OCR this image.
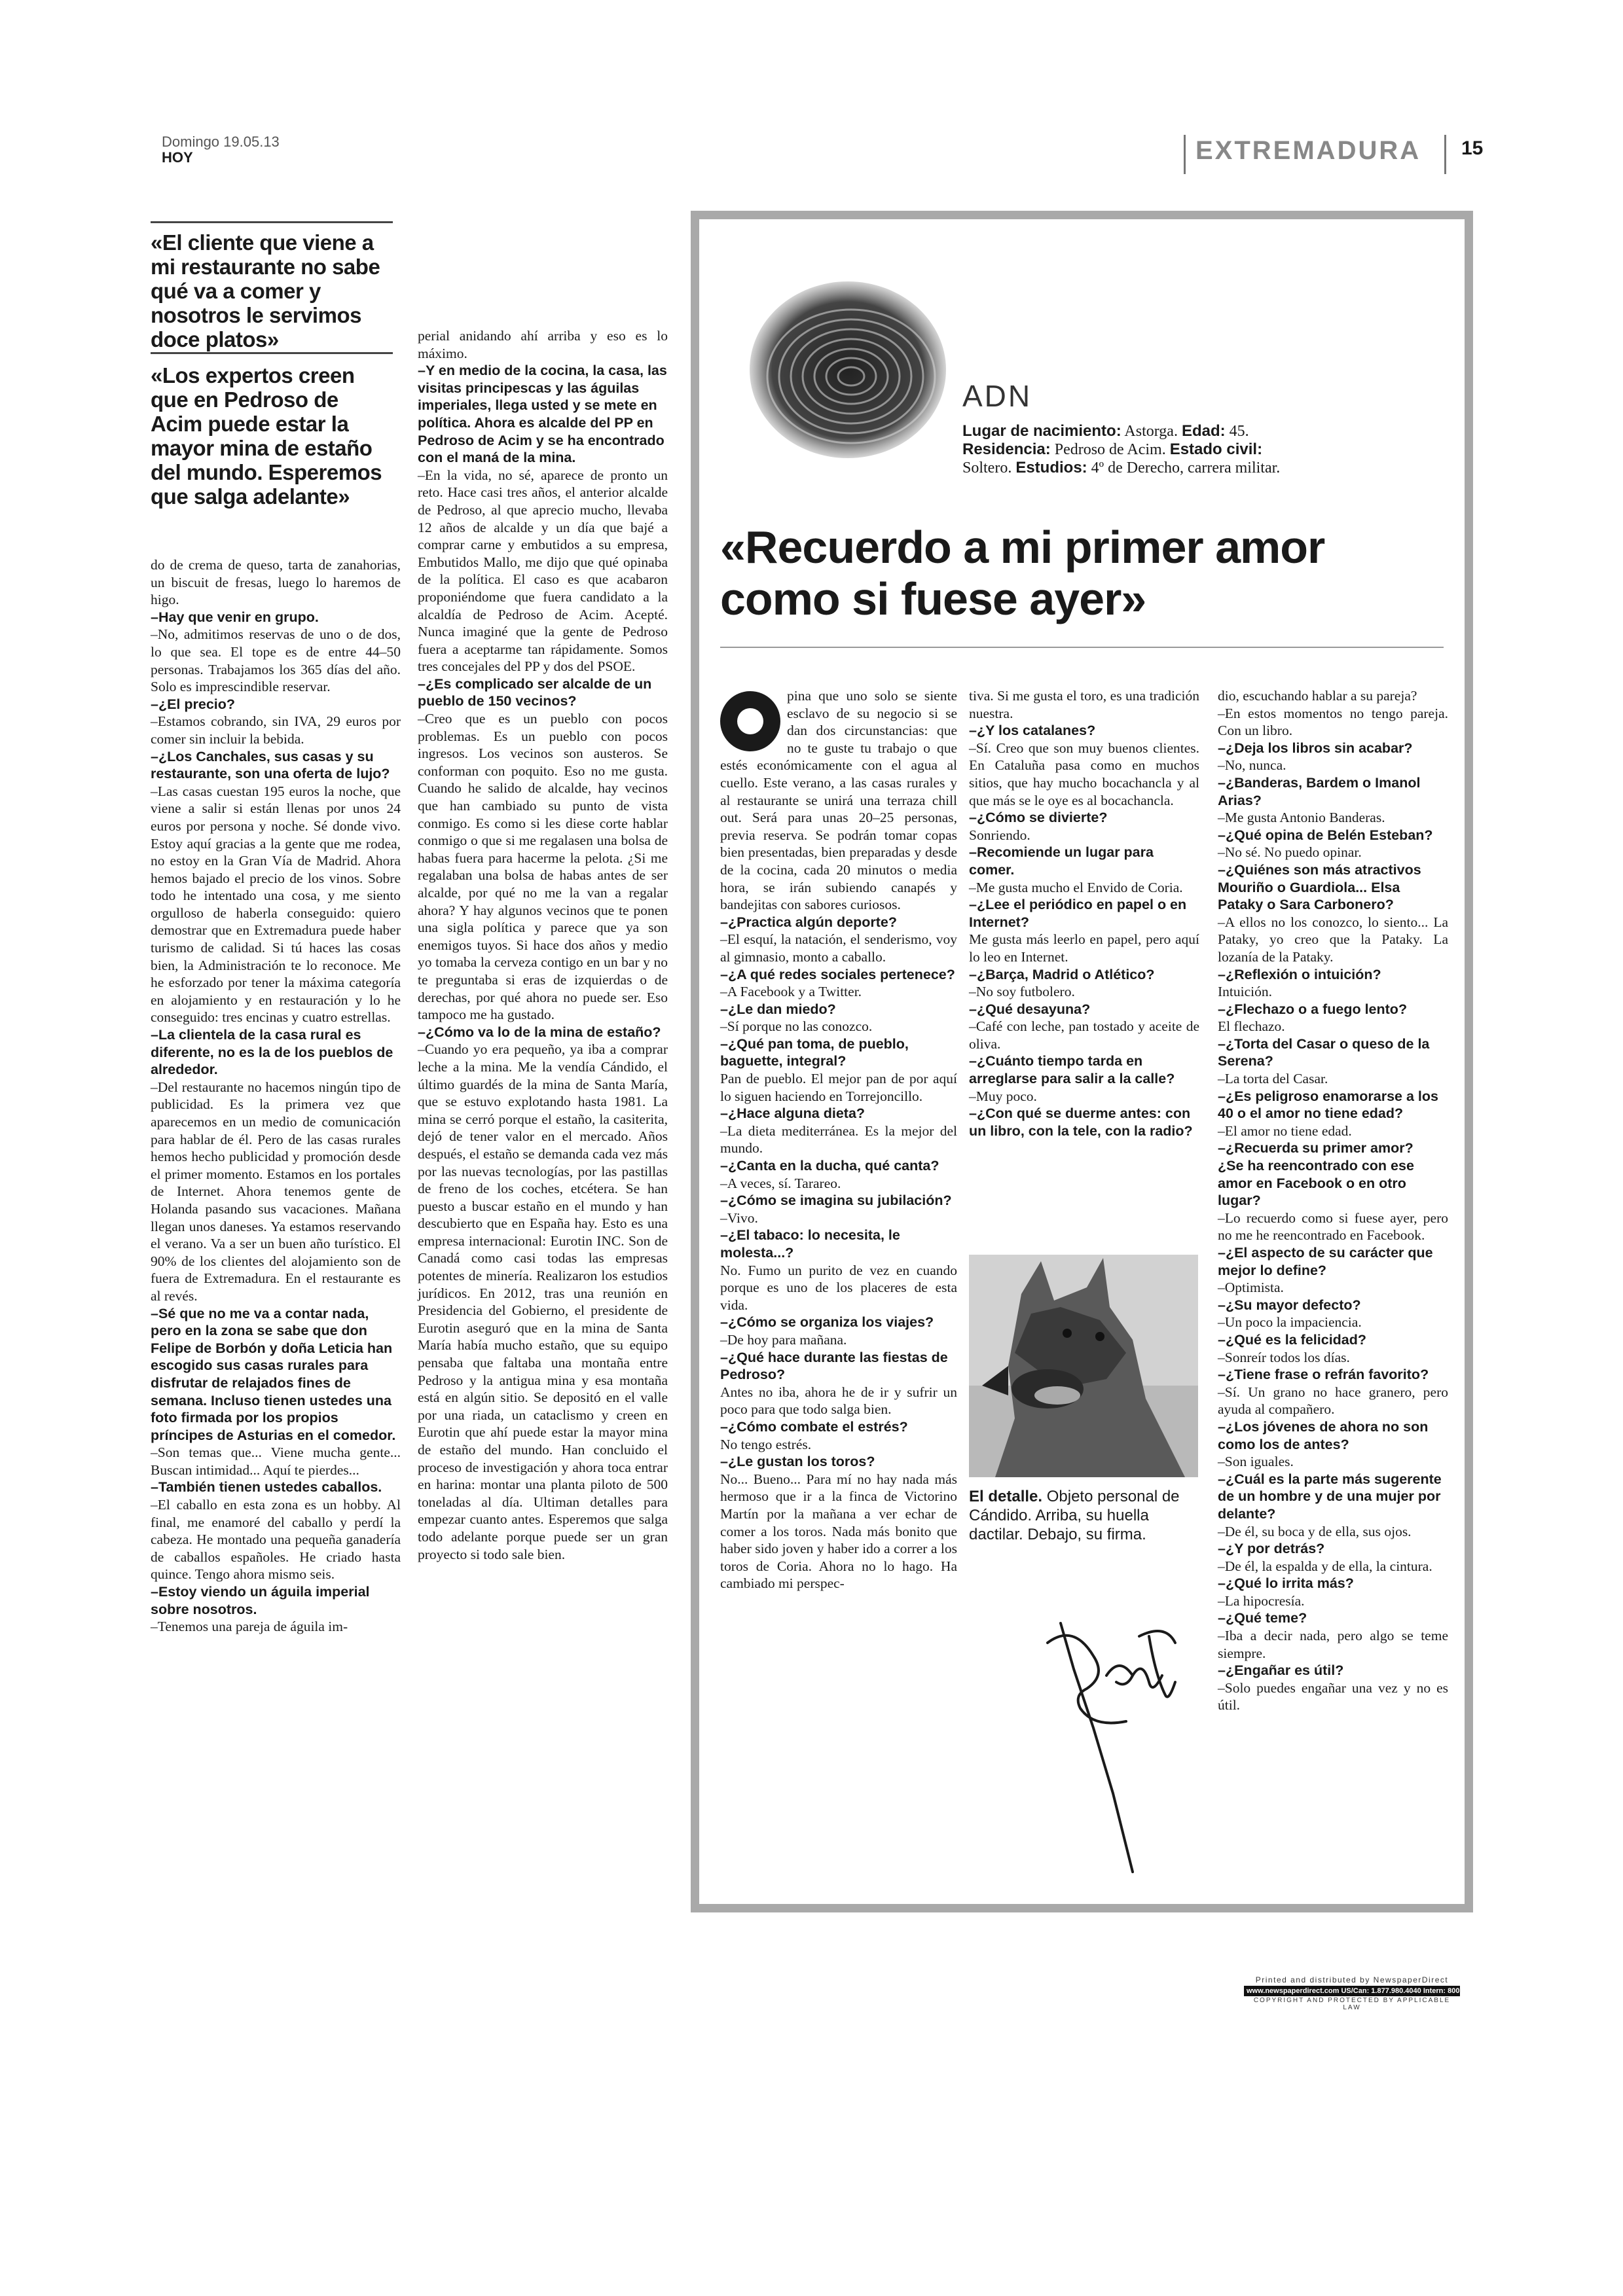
Domingo 19.05.13
HOY	EXTREMADURA 15
«El cliente que viene a mi restaurante no sabe qué va a comer y nosotros le servimos doce platos»
«Los expertos creen que en Pedroso de Acim puede estar la mayor mina de estaño del mundo. Esperemos que salga adelante»

do de crema de queso, tarta de zanahorias, un biscuit de fresas, luego lo haremos de higo.

–Hay que venir en grupo.

–No, admitimos reservas de uno o de dos, lo que sea. El tope es de entre 44–50 personas. Trabajamos los 365 días del año. Solo es imprescindible reservar.

–¿El precio?

–Estamos cobrando, sin IVA, 29 euros por comer sin incluir la bebida.

–¿Los Canchales, sus casas y su restaurante, son una oferta de lujo?

–Las casas cuestan 195 euros la noche, que viene a salir si están llenas por unos 24 euros por persona y noche. Sé donde vivo. Estoy aquí gracias a la gente que me rodea, no estoy en la Gran Vía de Madrid. Ahora hemos bajado el precio de los vinos. Sobre todo he intentado una cosa, y me siento orgulloso de haberla conseguido: quiero demostrar que en Extremadura puede haber turismo de calidad. Si tú haces las cosas bien, la Administración te lo reconoce. Me he esforzado por tener la máxima categoría en alojamiento y en restauración y lo he conseguido: tres encinas y cuatro estrellas.

–La clientela de la casa rural es diferente, no es la de los pueblos de alrededor.

–Del restaurante no hacemos ningún tipo de publicidad. Es la primera vez que aparecemos en un medio de comunicación para hablar de él. Pero de las casas rurales hemos hecho publicidad y promoción desde el primer momento. Estamos en los portales de Internet. Ahora tenemos gente de Holanda pasando sus vacaciones. Mañana llegan unos daneses. Ya estamos reservando el verano. Va a ser un buen año turístico. El 90% de los clientes del alojamiento son de fuera de Extremadura. En el restaurante es al revés.

–Sé que no me va a contar nada, pero en la zona se sabe que don Felipe de Borbón y doña Leticia han escogido sus casas rurales para disfrutar de relajados fines de semana. Incluso tienen ustedes una foto firmada por los propios príncipes de Asturias en el comedor.

–Son temas que... Viene mucha gente... Buscan intimidad... Aquí te pierdes...

–También tienen ustedes caballos.

–El caballo en esta zona es un hobby. Al final, me enamoré del caballo y perdí la cabeza. He montado una pequeña ganadería de caballos españoles. He criado hasta quince. Tengo ahora mismo seis.

–Estoy viendo un águila imperial sobre nosotros.

–Tenemos una pareja de águila im-

perial anidando ahí arriba y eso es lo máximo.

–Y en medio de la cocina, la casa, las visitas principescas y las águilas imperiales, llega usted y se mete en política. Ahora es alcalde del PP en Pedroso de Acim y se ha encontrado con el maná de la mina.

–En la vida, no sé, aparece de pronto un reto. Hace casi tres años, el anterior alcalde de Pedroso, al que aprecio mucho, llevaba 12 años de alcalde y un día que bajé a comprar carne y embutidos a su empresa, Embutidos Mallo, me dijo que qué opinaba de la política. El caso es que acabaron proponiéndome que fuera candidato a la alcaldía de Pedroso de Acim. Acepté. Nunca imaginé que la gente de Pedroso fuera a aceptarme tan rápidamente. Somos tres concejales del PP y dos del PSOE.

–¿Es complicado ser alcalde de un pueblo de 150 vecinos?

–Creo que es un pueblo con pocos problemas. Es un pueblo con pocos ingresos. Los vecinos son austeros. Se conforman con poquito. Eso no me gusta. Cuando he salido de alcalde, hay vecinos que han cambiado su punto de vista conmigo. Es como si les diese corte hablar conmigo o que si me regalasen una bolsa de habas fuera para hacerme la pelota. ¿Si me regalaban una bolsa de habas antes de ser alcalde, por qué no me la van a regalar ahora? Y hay algunos vecinos que te ponen una sigla política y parece que ya son enemigos tuyos. Si hace dos años y medio yo tomaba la cerveza contigo en un bar y no te preguntaba si eras de izquierdas o de derechas, por qué ahora no puede ser. Eso tampoco me ha gustado.

–¿Cómo va lo de la mina de estaño?

–Cuando yo era pequeño, ya iba a comprar leche a la mina. Me la vendía Cándido, el último guardés de la mina de Santa María, que se estuvo explotando hasta 1981. La mina se cerró porque el estaño, la casiterita, dejó de tener valor en el mercado. Años después, el estaño se demanda cada vez más por las nuevas tecnologías, por las pastillas de freno de los coches, etcétera. Se han puesto a buscar estaño en el mundo y han descubierto que en España hay. Esto es una empresa internacional: Eurotin INC. Son de Canadá como casi todas las empresas potentes de minería. Realizaron los estudios jurídicos. En 2012, tras una reunión en Presidencia del Gobierno, el presidente de Eurotin aseguró que en la mina de Santa María había mucho estaño, que su equipo pensaba que faltaba una montaña entre Pedroso y la antigua mina y esa montaña está en algún sitio. Se depositó en el valle por una riada, un cataclismo y creen en Eurotin que ahí puede estar la mayor mina de estaño del mundo. Han concluido el proceso de investigación y ahora toca entrar en harina: montar una planta piloto de 500 toneladas al día. Ultiman detalles para empezar cuanto antes. Esperemos que salga todo adelante porque puede ser un gran proyecto si todo sale bien.

ADN
Lugar de nacimiento: Astorga. Edad: 45.
Residencia: Pedroso de Acim. Estado civil:
Soltero. Estudios: 4º de Derecho, carrera militar.
«Recuerdo a mi primer amor como si fuese ayer»

pina que uno solo se siente esclavo de su negocio si se dan dos circunstancias: que no te guste tu trabajo o que estés económicamente con el agua al cuello. Este verano, a las casas rurales y al restaurante se unirá una terraza chill out. Será para unas 20–25 personas, previa reserva. Se podrán tomar copas bien presentadas, bien preparadas y desde de la cocina, cada 20 minutos o media hora, se irán subiendo canapés y bandejitas con sabores curiosos.

–¿Practica algún deporte?

–El esquí, la natación, el senderismo, voy al gimnasio, monto a caballo.

–¿A qué redes sociales pertenece?

–A Facebook y a Twitter.

–¿Le dan miedo?

–Sí porque no las conozco.

–¿Qué pan toma, de pueblo, baguette, integral?

Pan de pueblo. El mejor pan de por aquí lo siguen haciendo en Torrejoncillo.

–¿Hace alguna dieta?

–La dieta mediterránea. Es la mejor del mundo.

–¿Canta en la ducha, qué canta?

–A veces, sí. Tarareo.

–¿Cómo se imagina su jubilación?

–Vivo.

–¿El tabaco: lo necesita, le molesta...?

No. Fumo un purito de vez en cuando porque es uno de los placeres de esta vida.

–¿Cómo se organiza los viajes?

–De hoy para mañana.

–¿Qué hace durante las fiestas de Pedroso?

Antes no iba, ahora he de ir y sufrir un poco para que todo salga bien.

–¿Cómo combate el estrés?

No tengo estrés.

–¿Le gustan los toros?

No... Bueno... Para mí no hay nada más hermoso que ir a la finca de Victorino Martín por la mañana a ver echar de comer a los toros. Nada más bonito que haber sido joven y haber ido a correr a los toros de Coria. Ahora no lo hago. Ha cambiado mi perspec-

tiva. Si me gusta el toro, es una tradición nuestra.

–¿Y los catalanes?

–Sí. Creo que son muy buenos clientes. En Cataluña pasa como en muchos sitios, que hay mucho bocachancla y al que más se le oye es al bocachancla.

–¿Cómo se divierte?

Sonriendo.

–Recomiende un lugar para comer.

–Me gusta mucho el Envido de Coria.

–¿Lee el periódico en papel o en Internet?

Me gusta más leerlo en papel, pero aquí lo leo en Internet.

–¿Barça, Madrid o Atlético?

–No soy futbolero.

–¿Qué desayuna?

–Café con leche, pan tostado y aceite de oliva.

–¿Cuánto tiempo tarda en arreglarse para salir a la calle?

–Muy poco.

–¿Con qué se duerme antes: con un libro, con la tele, con la radio?

El detalle. Objeto personal de Cándido. Arriba, su huella dactilar. Debajo, su firma.

dio, escuchando hablar a su pareja?

–En estos momentos no tengo pareja. Con un libro.

–¿Deja los libros sin acabar?

–No, nunca.

–¿Banderas, Bardem o Imanol Arias?

–Me gusta Antonio Banderas.

–¿Qué opina de Belén Esteban?

–No sé. No puedo opinar.

–¿Quiénes son más atractivos Mouriño o Guardiola... Elsa Pataky o Sara Carbonero?

–A ellos no los conozco, lo siento... La Pataky, yo creo que la Pataky. La lozanía de la Pataky.

–¿Reflexión o intuición?

Intuición.

–¿Flechazo o a fuego lento?

El flechazo.

–¿Torta del Casar o queso de la Serena?

–La torta del Casar.

–¿Es peligroso enamorarse a los 40 o el amor no tiene edad?

–El amor no tiene edad.

–¿Recuerda su primer amor?

¿Se ha reencontrado con ese amor en Facebook o en otro lugar?

–Lo recuerdo como si fuese ayer, pero no me he reencontrado en Facebook.

–¿El aspecto de su carácter que mejor lo define?

–Optimista.

–¿Su mayor defecto?

–Un poco la impaciencia.

–¿Qué es la felicidad?

–Sonreír todos los días.

–¿Tiene frase o refrán favorito?

–Sí. Un grano no hace granero, pero ayuda al compañero.

–¿Los jóvenes de ahora no son como los de antes?

–Son iguales.

–¿Cuál es la parte más sugerente de un hombre y de una mujer por delante?

–De él, su boca y de ella, sus ojos.

–¿Y por detrás?

–De él, la espalda y de ella, la cintura.

–¿Qué lo irrita más?

–La hipocresía.

–¿Qué teme?

–Iba a decir nada, pero algo se teme siempre.

–¿Engañar es útil?

–Solo puedes engañar una vez y no es útil.

Printed and distributed by NewspaperDirect
www.newspaperdirect.com US/Can: 1.877.980.4040 Intern: 800.6364.6364
COPYRIGHT AND PROTECTED BY APPLICABLE LAW
